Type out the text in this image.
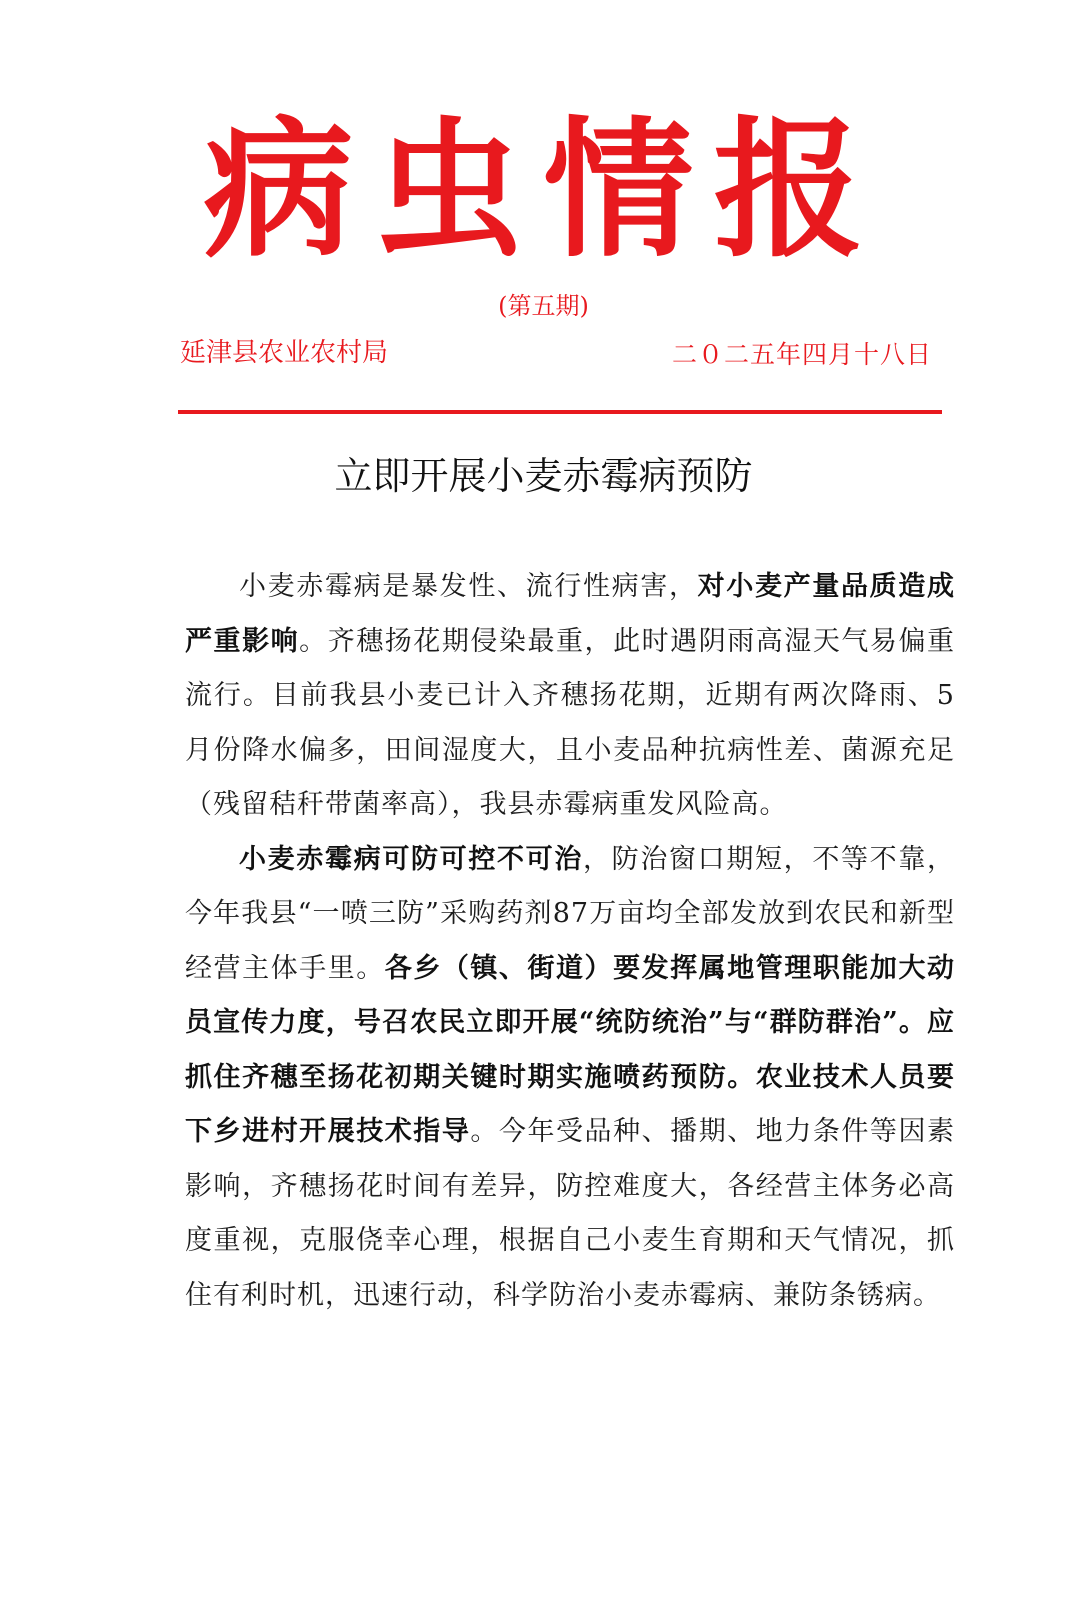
病虫情报
(第五期)
延津县农业农村局	二０二五年四月十八日
立即开展小麦赤霉病预防

小麦赤霉病是暴发性、流行性病害，对小麦产量品质造成严重影响。齐穗扬花期侵染最重，此时遇阴雨高湿天气易偏重流行。目前我县小麦已计入齐穗扬花期，近期有两次降雨、5 月份降水偏多，田间湿度大，且小麦品种抗病性差、菌源充足（残留秸秆带菌率高），我县赤霉病重发风险高。

小麦赤霉病可防可控不可治，防治窗口期短，不等不靠，今年我县“一喷三防”采购药剂87万亩均全部发放到农民和新型经营主体手里。各乡（镇、街道）要发挥属地管理职能加大动员宣传力度，号召农民立即开展“统防统治”与“群防群治”。应抓住齐穗至扬花初期关键时期实施喷药预防。农业技术人员要下乡进村开展技术指导。今年受品种、播期、地力条件等因素影响，齐穗扬花时间有差异，防控难度大，各经营主体务必高度重视，克服侥幸心理，根据自己小麦生育期和天气情况，抓住有利时机，迅速行动，科学防治小麦赤霉病、兼防条锈病。
